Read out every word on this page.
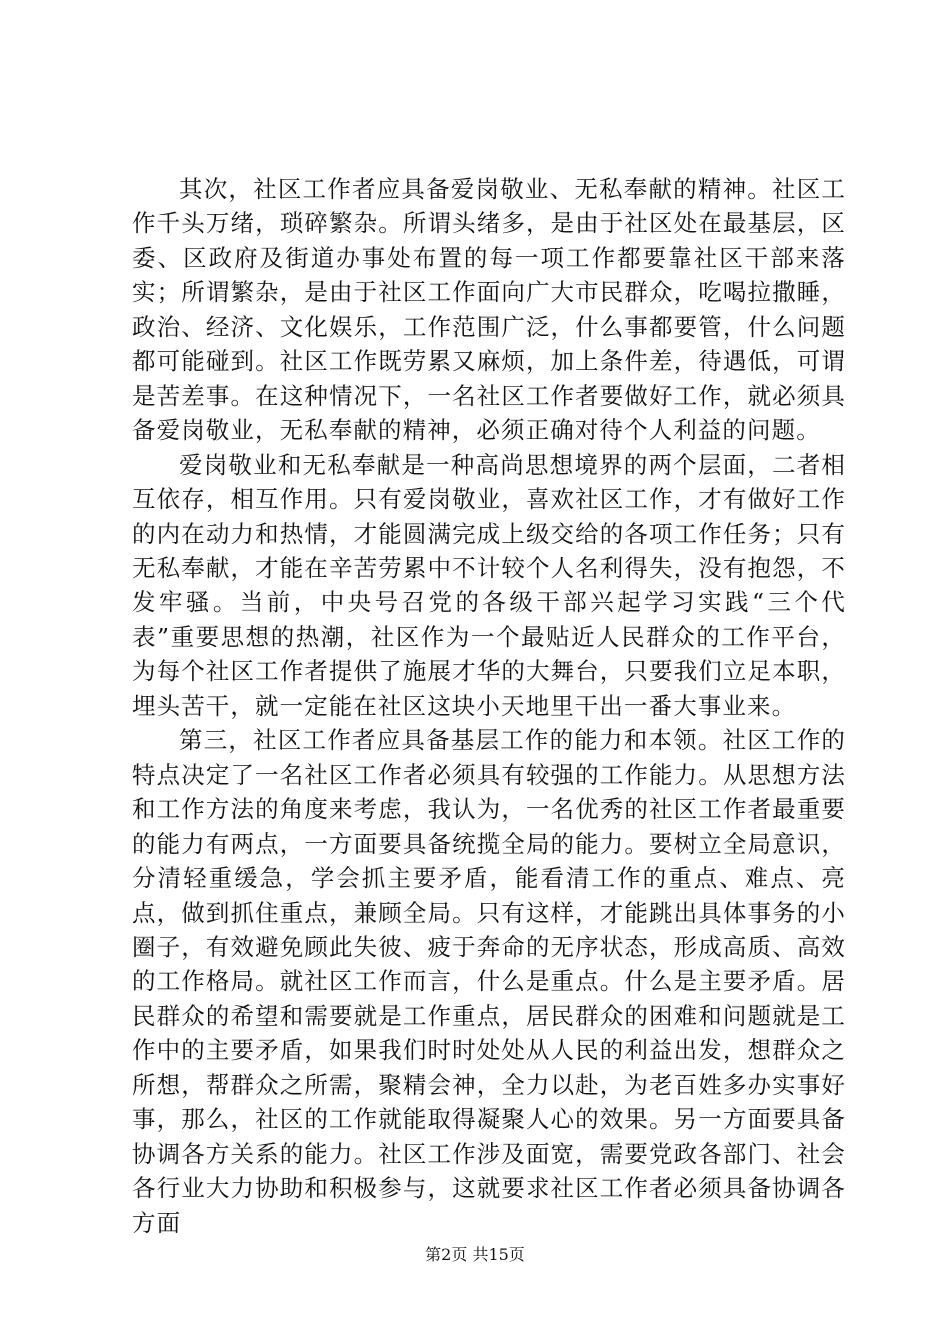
其次，社区工作者应具备爱岗敬业、无私奉献的精神。社区工作千头万绪，琐碎繁杂。所谓头绪多，是由于社区处在最基层，区委、区政府及街道办事处布置的每一项工作都要靠社区干部来落实；所谓繁杂，是由于社区工作面向广大市民群众，吃喝拉撒睡，政治、经济、文化娱乐，工作范围广泛，什么事都要管，什么问题都可能碰到。社区工作既劳累又麻烦，加上条件差，待遇低，可谓是苦差事。在这种情况下，一名社区工作者要做好工作，就必须具备爱岗敬业，无私奉献的精神，必须正确对待个人利益的问题。

爱岗敬业和无私奉献是一种高尚思想境界的两个层面，二者相互依存，相互作用。只有爱岗敬业，喜欢社区工作，才有做好工作的内在动力和热情，才能圆满完成上级交给的各项工作任务；只有无私奉献，才能在辛苦劳累中不计较个人名利得失，没有抱怨，不发牢骚。当前，中央号召党的各级干部兴起学习实践“三个代表”重要思想的热潮，社区作为一个最贴近人民群众的工作平台，为每个社区工作者提供了施展才华的大舞台，只要我们立足本职，埋头苦干，就一定能在社区这块小天地里干出一番大事业来。

第三，社区工作者应具备基层工作的能力和本领。社区工作的特点决定了一名社区工作者必须具有较强的工作能力。从思想方法和工作方法的角度来考虑，我认为，一名优秀的社区工作者最重要的能力有两点，一方面要具备统揽全局的能力。要树立全局意识，分清轻重缓急，学会抓主要矛盾，能看清工作的重点、难点、亮点，做到抓住重点，兼顾全局。只有这样，才能跳出具体事务的小圈子，有效避免顾此失彼、疲于奔命的无序状态，形成高质、高效的工作格局。就社区工作而言，什么是重点。什么是主要矛盾。居民群众的希望和需要就是工作重点，居民群众的困难和问题就是工作中的主要矛盾，如果我们时时处处从人民的利益出发，想群众之所想，帮群众之所需，聚精会神，全力以赴，为老百姓多办实事好事，那么，社区的工作就能取得凝聚人心的效果。另一方面要具备协调各方关系的能力。社区工作涉及面宽，需要党政各部门、社会各行业大力协助和积极参与，这就要求社区工作者必须具备协调各方面

第2页 共15页
